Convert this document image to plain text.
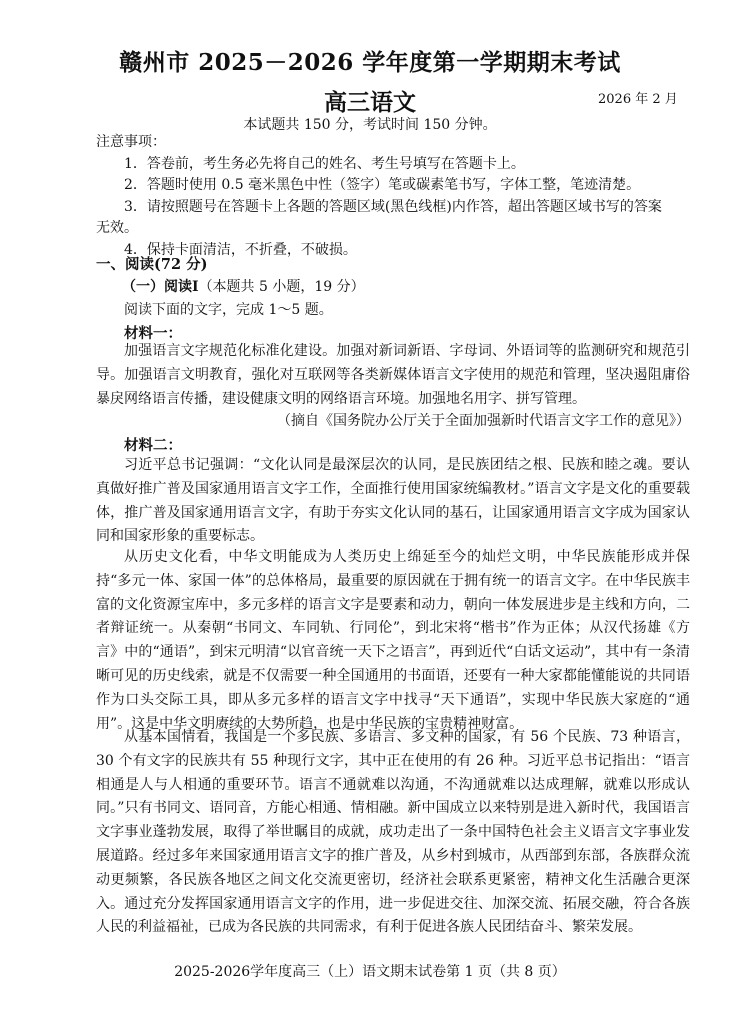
赣州市 2025－2026 学年度第一学期期末考试
高三语文	2026 年 2 月
本试题共 150 分，考试时间 150 分钟。

注意事项：

1．答卷前，考生务必先将自己的姓名、考生号填写在答题卡上。

2．答题时使用 0.5 毫米黑色中性（签字）笔或碳素笔书写，字体工整，笔迹清楚。

3．请按照题号在答题卡上各题的答题区域(黑色线框)内作答，超出答题区域书写的答案无效。

4．保持卡面清洁，不折叠，不破损。

一、阅读(72 分)
（一）阅读Ⅰ（本题共 5 小题，19 分）
阅读下面的文字，完成 1～5 题。
材料一：

加强语言文字规范化标准化建设。加强对新词新语、字母词、外语词等的监测研究和规范引导。加强语言文明教育，强化对互联网等各类新媒体语言文字使用的规范和管理，坚决遏阻庸俗暴戾网络语言传播，建设健康文明的网络语言环境。加强地名用字、拼写管理。

（摘自《国务院办公厅关于全面加强新时代语言文字工作的意见》）
材料二：

习近平总书记强调：“文化认同是最深层次的认同，是民族团结之根、民族和睦之魂。要认真做好推广普及国家通用语言文字工作，全面推行使用国家统编教材。”语言文字是文化的重要载体，推广普及国家通用语言文字，有助于夯实文化认同的基石，让国家通用语言文字成为国家认同和国家形象的重要标志。

从历史文化看，中华文明能成为人类历史上绵延至今的灿烂文明，中华民族能形成并保持“多元一体、家国一体”的总体格局，最重要的原因就在于拥有统一的语言文字。在中华民族丰富的文化资源宝库中，多元多样的语言文字是要素和动力，朝向一体发展进步是主线和方向，二者辩证统一。从秦朝“书同文、车同轨、行同伦”，到北宋将“楷书”作为正体；从汉代扬雄《方言》中的“通语”，到宋元明清“以官音统一天下之语言”，再到近代“白话文运动”，其中有一条清晰可见的历史线索，就是不仅需要一种全国通用的书面语，还要有一种大家都能懂能说的共同语作为口头交际工具，即从多元多样的语言文字中找寻“天下通语”，实现中华民族大家庭的“通用”。这是中华文明赓续的大势所趋，也是中华民族的宝贵精神财富。

从基本国情看，我国是一个多民族、多语言、多文种的国家，有 56 个民族、73 种语言，30 个有文字的民族共有 55 种现行文字，其中正在使用的有 26 种。习近平总书记指出：“语言相通是人与人相通的重要环节。语言不通就难以沟通，不沟通就难以达成理解，就难以形成认同。”只有书同文、语同音，方能心相通、情相融。新中国成立以来特别是进入新时代，我国语言文字事业蓬勃发展，取得了举世瞩目的成就，成功走出了一条中国特色社会主义语言文字事业发展道路。经过多年来国家通用语言文字的推广普及，从乡村到城市，从西部到东部，各族群众流动更频繁，各民族各地区之间文化交流更密切，经济社会联系更紧密，精神文化生活融合更深入。通过充分发挥国家通用语言文字的作用，进一步促进交往、加深交流、拓展交融，符合各族人民的利益福祉，已成为各民族的共同需求，有利于促进各族人民团结奋斗、繁荣发展。

2025-2026学年度高三（上）语文期末试卷第 1 页（共 8 页）
